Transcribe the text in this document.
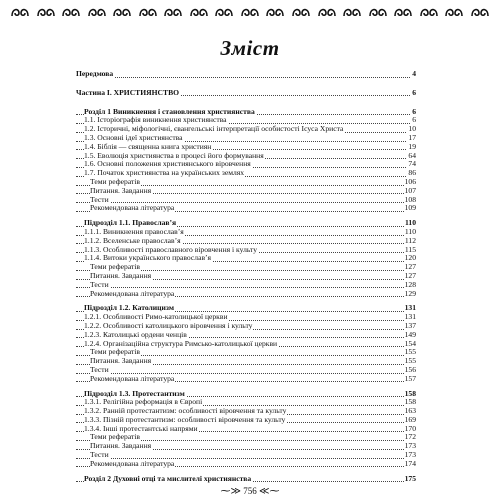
Зміст
Передмова	4
Частина I. ХРИСТИЯНСТВО	6
Розділ 1 Виникнення і становлення християнства	6
1.1. Історіографія виникнення християнства	6
1.2. Історичні, міфологічні, євангельські інтерпретації особистості Ісуса Христа	10
1.3. Основні ідеї християнства	17
1.4. Біблія — священна книга християн	19
1.5. Еволюція християнства в процесі його формування	64
1.6. Основні положення християнського віровчення	74
1.7. Початок християнства на українських землях	86
Теми рефератів	106
Питання. Завдання	107
Тести	108
Рекомендована література	109
Підрозділ 1.1. Православ’я	110
1.1.1. Виникнення православ’я	110
1.1.2. Вселенське православ’я	112
1.1.3. Особливості православного віровчення і культу	115
1.1.4. Витоки українського православ’я	120
Теми рефератів	127
Питання. Завдання	127
Тести	128
Рекомендована література	129
Підрозділ 1.2. Католицизм	131
1.2.1. Особливості Римо-католицької церкви	131
1.2.2. Особливості католицького віровчення і культу	137
1.2.3. Католицькі ордени ченців	149
1.2.4. Організаційна структура Римсько-католицької церкви	154
Теми рефератів	155
Питання. Завдання	155
Тести	156
Рекомендована література	157
Підрозділ 1.3. Протестантизм	158
1.3.1. Релігійна реформація в Європі	158
1.3.2. Ранній протестантизм: особливості віровчення та культу	163
1.3.3. Пізній протестантизм: особливості віровчення та культу	169
1.3.4. Інші протестантські напрями	170
Теми рефератів	172
Питання. Завдання	173
Тести	173
Рекомендована література	174
Розділ 2 Духовні отці та мислителі християнства	175
⁓≫ 756 ≪⁓
